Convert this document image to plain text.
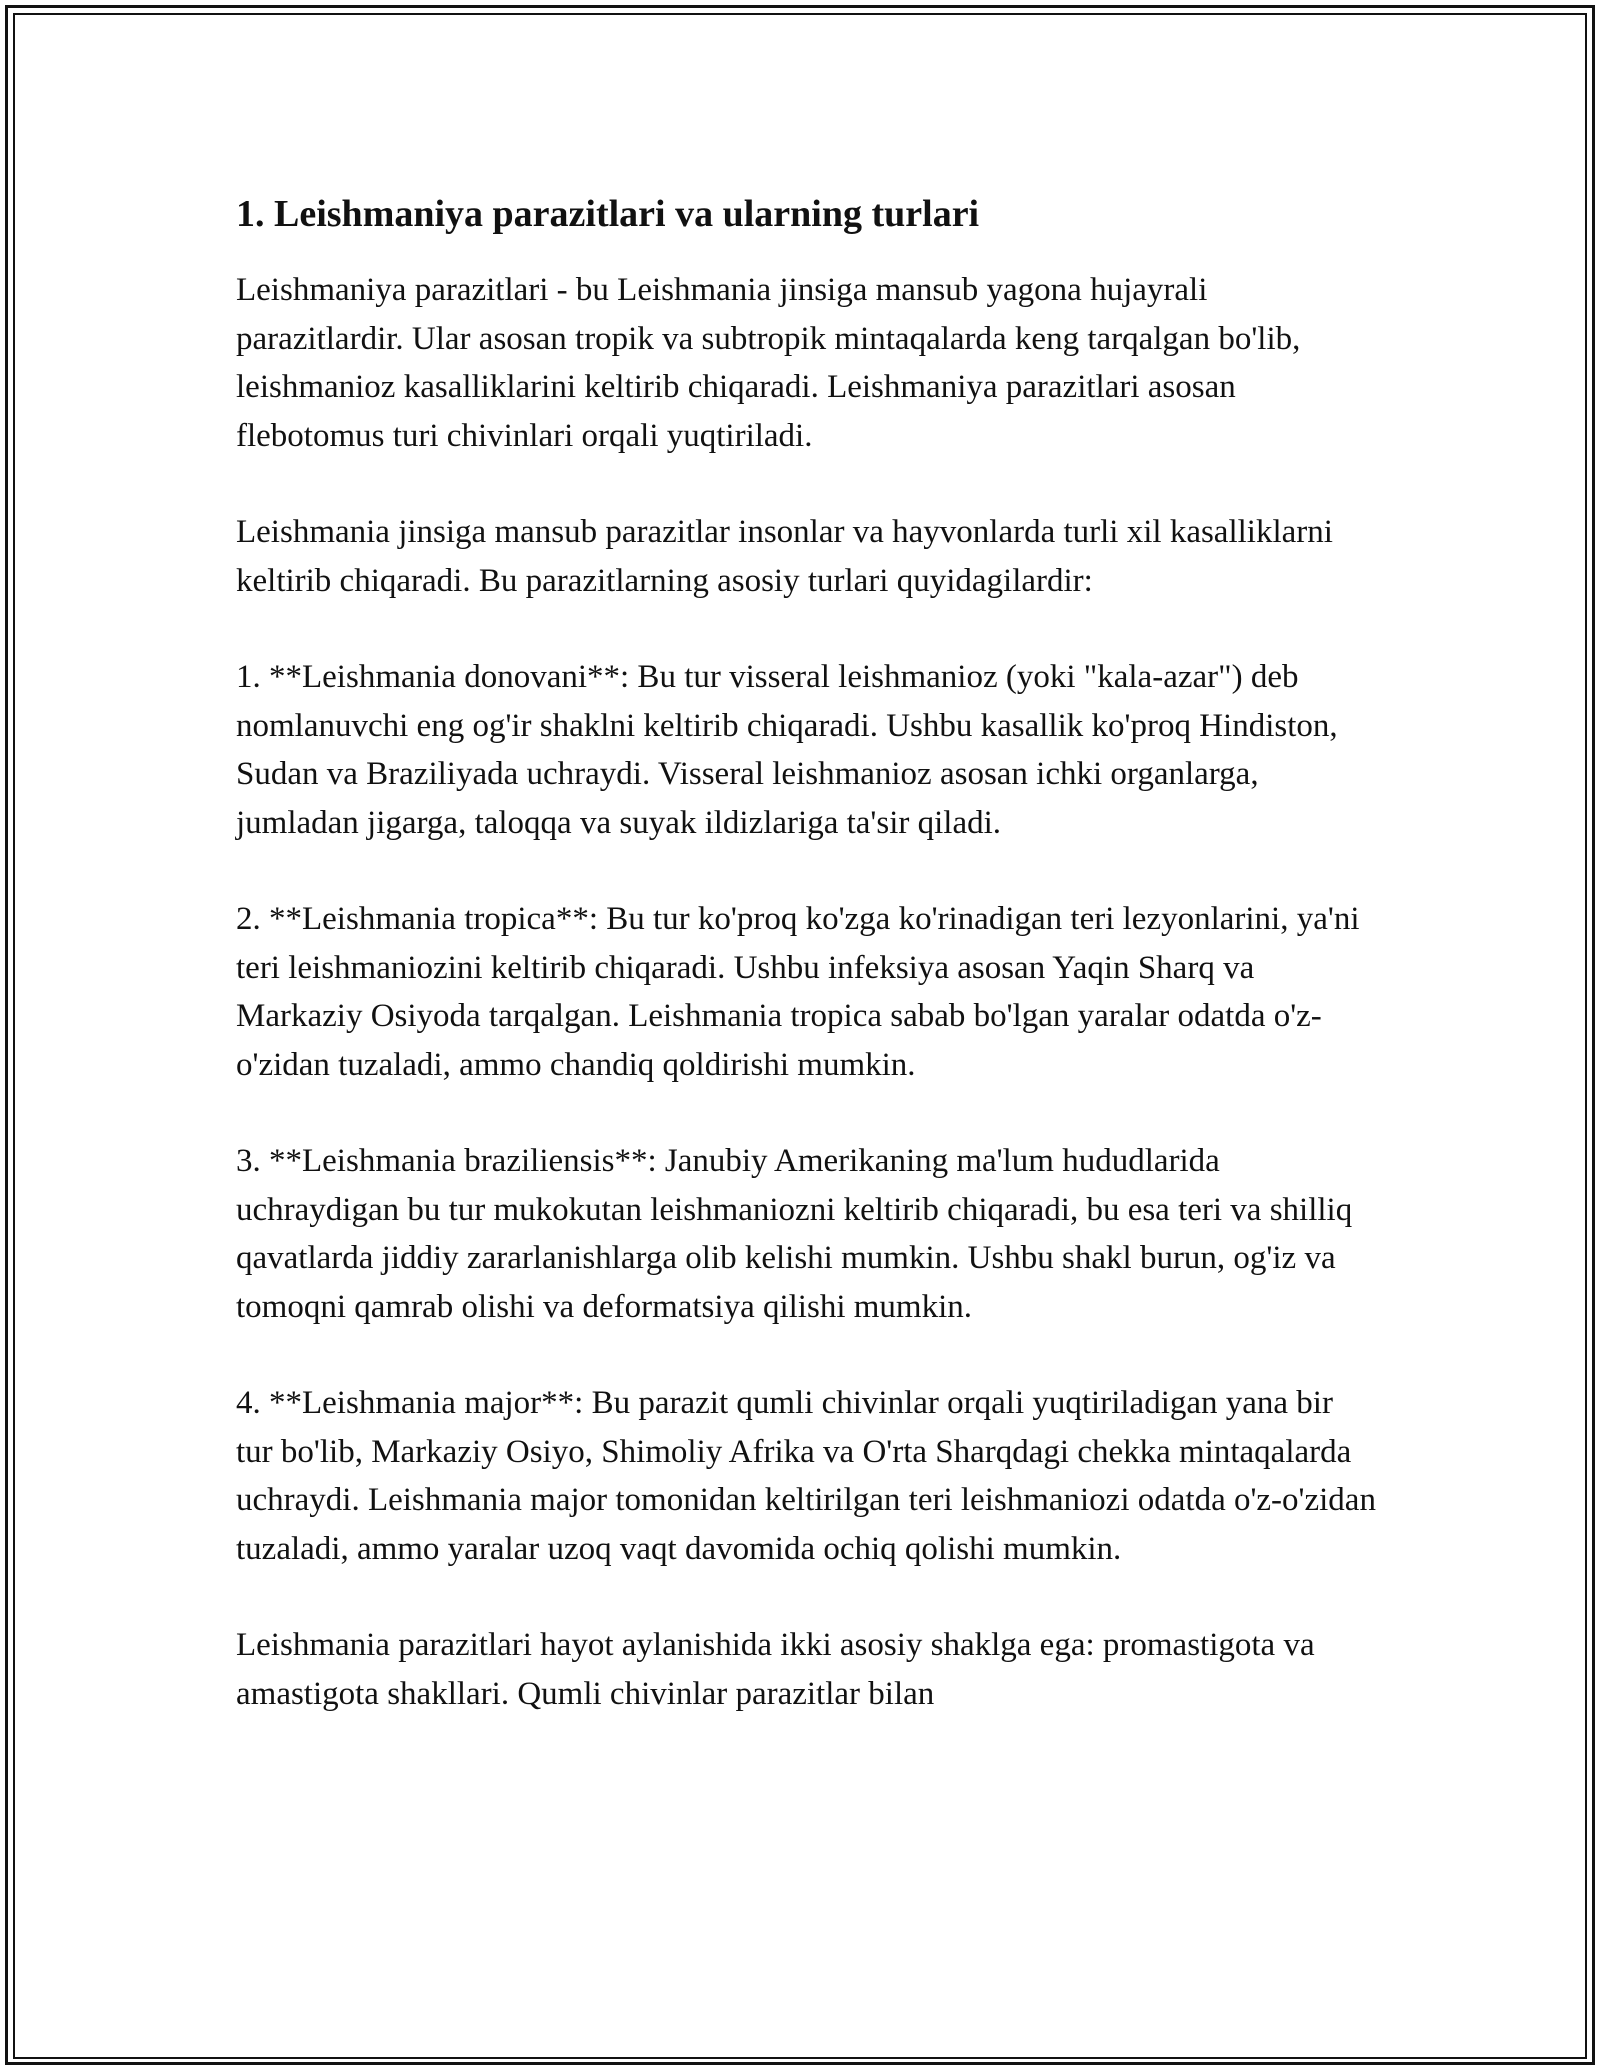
1. Leishmaniya parazitlari va ularning turlari

Leishmaniya parazitlari - bu Leishmania jinsiga mansub yagona hujayrali parazitlardir. Ular asosan tropik va subtropik mintaqalarda keng tarqalgan bo'lib, leishmanioz kasalliklarini keltirib chiqaradi. Leishmaniya parazitlari asosan flebotomus turi chivinlari orqali yuqtiriladi.

Leishmania jinsiga mansub parazitlar insonlar va hayvonlarda turli xil kasalliklarni keltirib chiqaradi. Bu parazitlarning asosiy turlari quyidagilardir:

1. **Leishmania donovani**: Bu tur visseral leishmanioz (yoki "kala-azar") deb nomlanuvchi eng og'ir shaklni keltirib chiqaradi. Ushbu kasallik ko'proq Hindiston, Sudan va Braziliyada uchraydi. Visseral leishmanioz asosan ichki organlarga, jumladan jigarga, taloqqa va suyak ildizlariga ta'sir qiladi.

2. **Leishmania tropica**: Bu tur ko'proq ko'zga ko'rinadigan teri lezyonlarini, ya'ni teri leishmaniozini keltirib chiqaradi. Ushbu infeksiya asosan Yaqin Sharq va Markaziy Osiyoda tarqalgan. Leishmania tropica sabab bo'lgan yaralar odatda o'z-o'zidan tuzaladi, ammo chandiq qoldirishi mumkin.

3. **Leishmania braziliensis**: Janubiy Amerikaning ma'lum hududlarida uchraydigan bu tur mukokutan leishmaniozni keltirib chiqaradi, bu esa teri va shilliq qavatlarda jiddiy zararlanishlarga olib kelishi mumkin. Ushbu shakl burun, og'iz va tomoqni qamrab olishi va deformatsiya qilishi mumkin.

4. **Leishmania major**: Bu parazit qumli chivinlar orqali yuqtiriladigan yana bir tur bo'lib, Markaziy Osiyo, Shimoliy Afrika va O'rta Sharqdagi chekka mintaqalarda uchraydi. Leishmania major tomonidan keltirilgan teri leishmaniozi odatda o'z-o'zidan tuzaladi, ammo yaralar uzoq vaqt davomida ochiq qolishi mumkin.

Leishmania parazitlari hayot aylanishida ikki asosiy shaklga ega: promastigota va amastigota shakllari. Qumli chivinlar parazitlar bilan
